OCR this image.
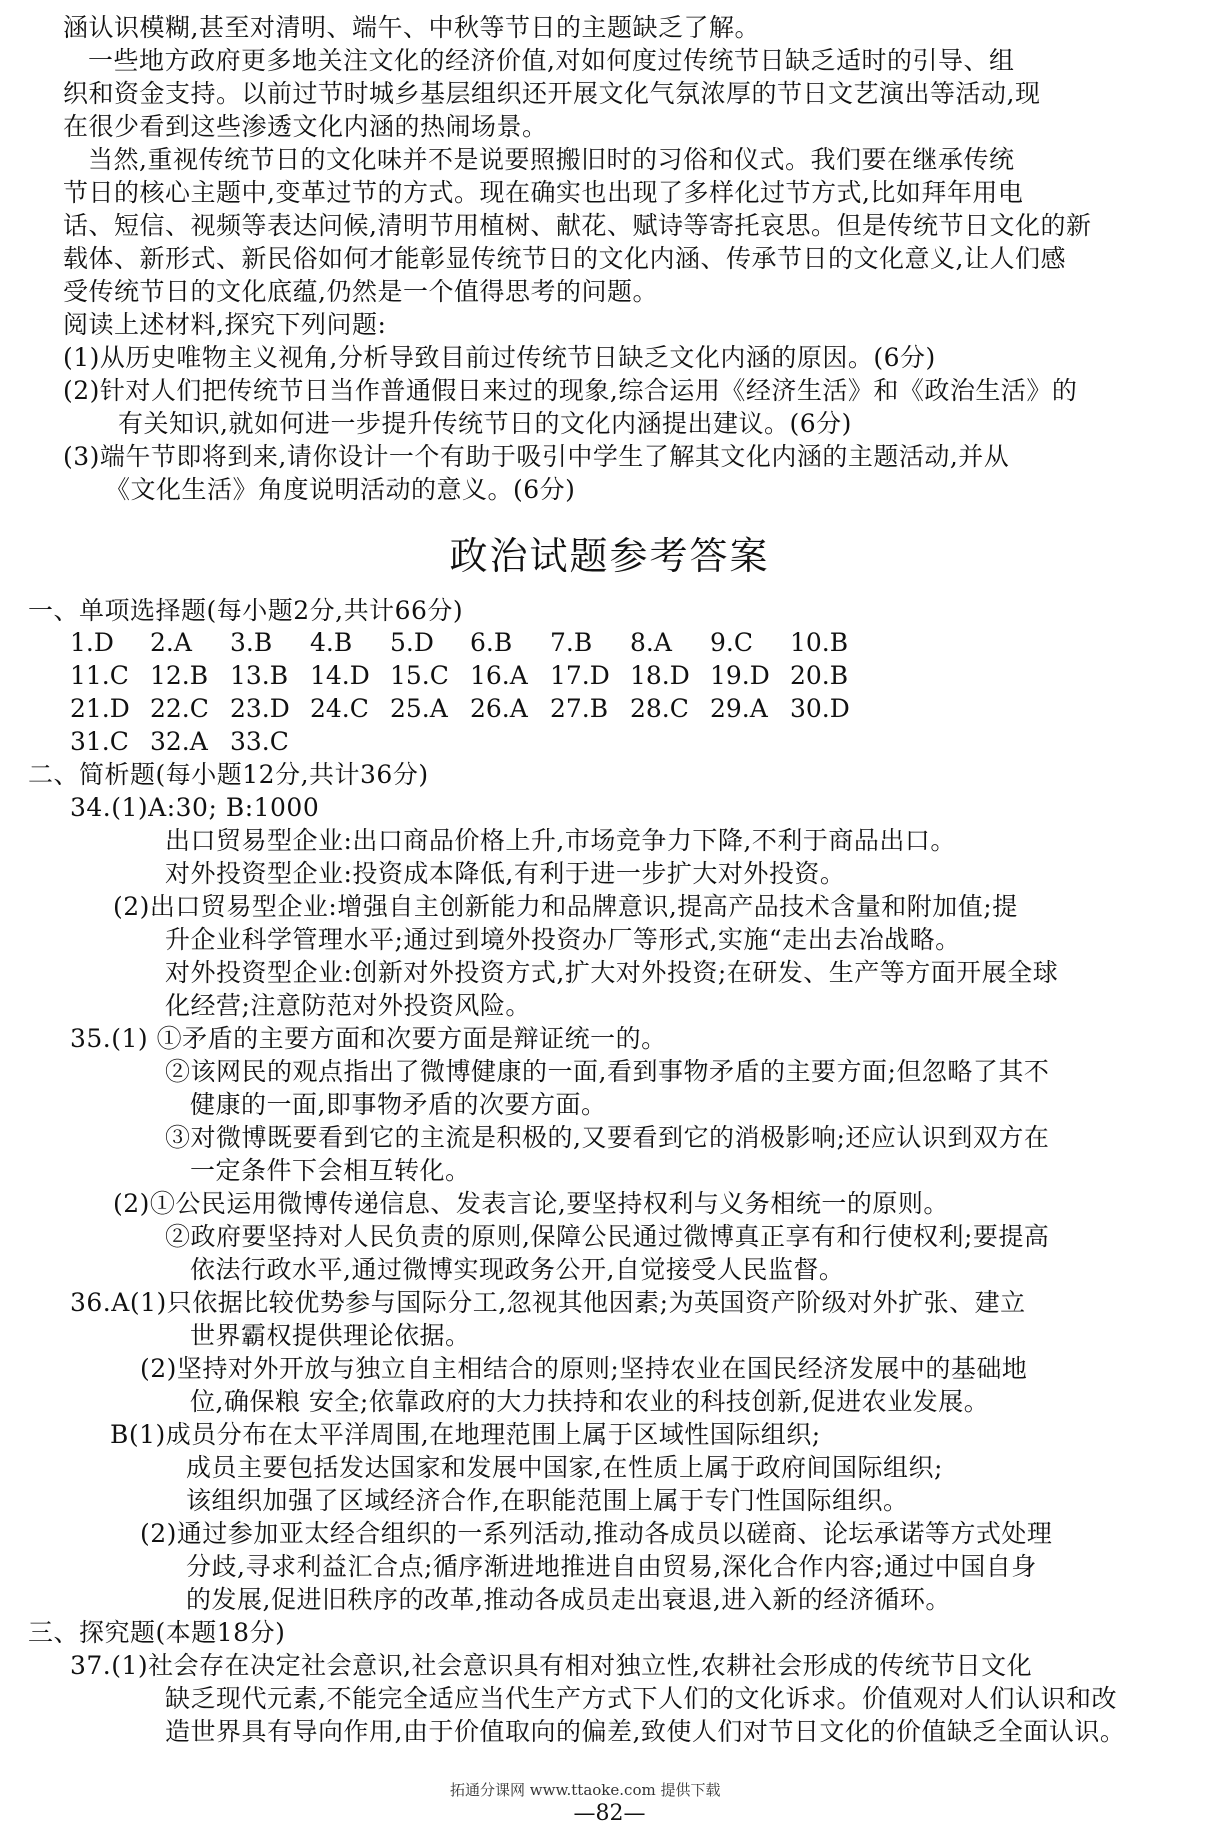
涵认识模糊,甚至对清明、端午、中秋等节日的主题缺乏了解。
一些地方政府更多地关注文化的经济价值,对如何度过传统节日缺乏适时的引导、组
织和资金支持。以前过节时城乡基层组织还开展文化气氛浓厚的节日文艺演出等活动,现
在很少看到这些渗透文化内涵的热闹场景。
当然,重视传统节日的文化味并不是说要照搬旧时的习俗和仪式。我们要在继承传统
节日的核心主题中,变革过节的方式。现在确实也出现了多样化过节方式,比如拜年用电
话、短信、视频等表达问候,清明节用植树、献花、赋诗等寄托哀思。但是传统节日文化的新
载体、新形式、新民俗如何才能彰显传统节日的文化内涵、传承节日的文化意义,让人们感
受传统节日的文化底蕴,仍然是一个值得思考的问题。
阅读上述材料,探究下列问题:
(1)从历史唯物主义视角,分析导致目前过传统节日缺乏文化内涵的原因。(6分)
(2)针对人们把传统节日当作普通假日来过的现象,综合运用《经济生活》和《政治生活》的
有关知识,就如何进一步提升传统节日的文化内涵提出建议。(6分)
(3)端午节即将到来,请你设计一个有助于吸引中学生了解其文化内涵的主题活动,并从
《文化生活》角度说明活动的意义。(6分)
政治试题参考答案
一、单项选择题(每小题2分,共计66分)
1.D 2.A 3.B 4.B 5.D 6.B 7.B 8.A 9.C 10.B
11.C 12.B 13.B 14.D 15.C 16.A 17.D 18.D 19.D 20.B
21.D 22.C 23.D 24.C 25.A 26.A 27.B 28.C 29.A 30.D
31.C 32.A 33.C
二、简析题(每小题12分,共计36分)
34.(1)A:30; B:1000
出口贸易型企业:出口商品价格上升,市场竞争力下降,不利于商品出口。
对外投资型企业:投资成本降低,有利于进一步扩大对外投资。
(2)出口贸易型企业:增强自主创新能力和品牌意识,提高产品技术含量和附加值;提
升企业科学管理水平;通过到境外投资办厂等形式,实施“走出去冶战略。
对外投资型企业:创新对外投资方式,扩大对外投资;在研发、生产等方面开展全球
化经营;注意防范对外投资风险。
35.(1) ①矛盾的主要方面和次要方面是辩证统一的。
②该网民的观点指出了微博健康的一面,看到事物矛盾的主要方面;但忽略了其不
健康的一面,即事物矛盾的次要方面。
③对微博既要看到它的主流是积极的,又要看到它的消极影响;还应认识到双方在
一定条件下会相互转化。
(2)①公民运用微博传递信息、发表言论,要坚持权利与义务相统一的原则。
②政府要坚持对人民负责的原则,保障公民通过微博真正享有和行使权利;要提高
依法行政水平,通过微博实现政务公开,自觉接受人民监督。
36.A(1)只依据比较优势参与国际分工,忽视其他因素;为英国资产阶级对外扩张、建立
世界霸权提供理论依据。
(2)坚持对外开放与独立自主相结合的原则;坚持农业在国民经济发展中的基础地
位,确保粮 安全;依靠政府的大力扶持和农业的科技创新,促进农业发展。
B(1)成员分布在太平洋周围,在地理范围上属于区域性国际组织;
成员主要包括发达国家和发展中国家,在性质上属于政府间国际组织;
该组织加强了区域经济合作,在职能范围上属于专门性国际组织。
(2)通过参加亚太经合组织的一系列活动,推动各成员以磋商、论坛承诺等方式处理
分歧,寻求利益汇合点;循序渐进地推进自由贸易,深化合作内容;通过中国自身
的发展,促进旧秩序的改革,推动各成员走出衰退,进入新的经济循环。
三、探究题(本题18分)
37.(1)社会存在决定社会意识,社会意识具有相对独立性,农耕社会形成的传统节日文化
缺乏现代元素,不能完全适应当代生产方式下人们的文化诉求。价值观对人们认识和改
造世界具有导向作用,由于价值取向的偏差,致使人们对节日文化的价值缺乏全面认识。
拓通分课网 www.ttaoke.com 提供下载
—82—
